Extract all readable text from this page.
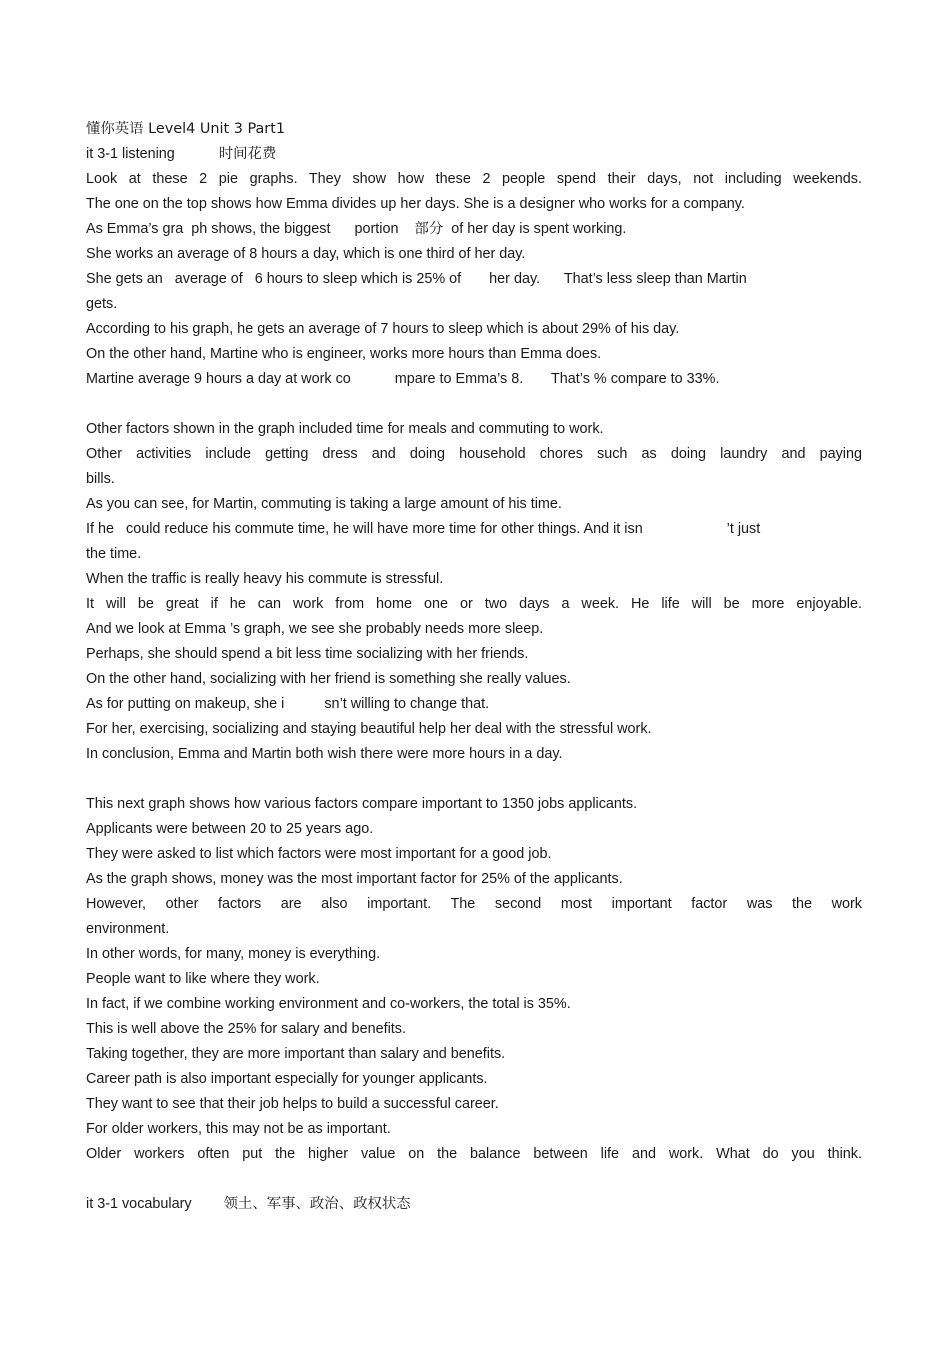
懂你英语 Level4 Unit 3 Part1
it 3-1 listening           时间花费
Look at these 2 pie graphs. They show how these 2 people spend their days, not including weekends.
The one on the top shows how Emma divides up her days. She is a designer who works for a company.
As Emma’s gra  ph shows, the biggest      portion    部分  of her day is spent working.
She works an average of 8 hours a day, which is one third of her day.
She gets an   average of   6 hours to sleep which is 25% of       her day.      That’s less sleep than Martin
gets.
According to his graph, he gets an average of 7 hours to sleep which is about 29% of his day.
On the other hand, Martine who is engineer, works more hours than Emma does.
Martine average 9 hours a day at work co           mpare to Emma’s 8.       That’s % compare to 33%.
Other factors shown in the graph included time for meals and commuting to work.
Other activities include getting dress and doing household chores such as doing laundry and paying
bills.
As you can see, for Martin, commuting is taking a large amount of his time.
If he   could reduce his commute time, he will have more time for other things. And it isn                     ’t just
the time.
When the traffic is really heavy his commute is stressful.
It will be great if he can work from home one or two days a week. He life will be more enjoyable.
And we look at Emma ’s graph, we see she probably needs more sleep.
Perhaps, she should spend a bit less time socializing with her friends.
On the other hand, socializing with her friend is something she really values.
As for putting on makeup, she i          sn’t willing to change that.
For her, exercising, socializing and staying beautiful help her deal with the stressful work.
In conclusion, Emma and Martin both wish there were more hours in a day.
This next graph shows how various factors compare important to 1350 jobs applicants.
Applicants were between 20 to 25 years ago.
They were asked to list which factors were most important for a good job.
As the graph shows, money was the most important factor for 25% of the applicants.
However, other factors are also important. The second most important factor was the work
environment.
In other words, for many, money is everything.
People want to like where they work.
In fact, if we combine working environment and co-workers, the total is 35%.
This is well above the 25% for salary and benefits.
Taking together, they are more important than salary and benefits.
Career path is also important especially for younger applicants.
They want to see that their job helps to build a successful career.
For older workers, this may not be as important.
Older workers often put the higher value on the balance between life and work. What do you think.
it 3-1 vocabulary        领土、军事、政治、政权状态
